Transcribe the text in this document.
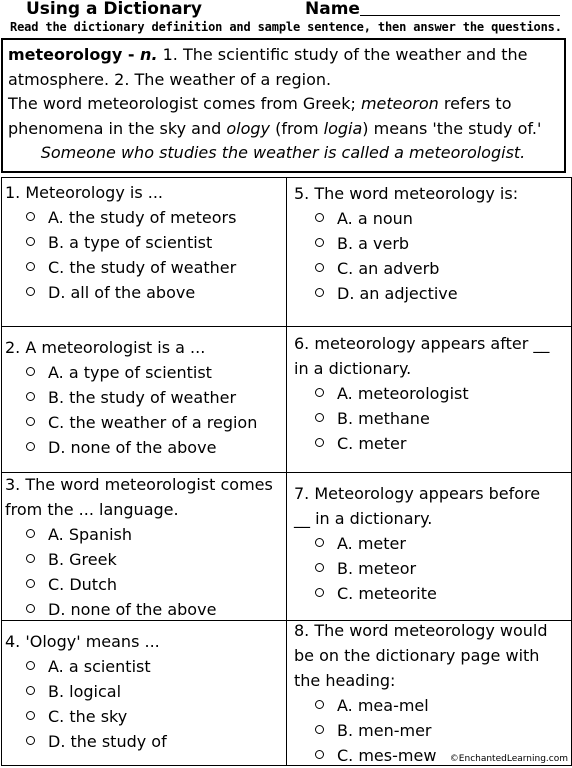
Using a Dictionary	Name
Read the dictionary definition and sample sentence, then answer the questions.

meteorology - n. 1. The scientific study of the weather and the

atmosphere. 2. The weather of a region.

The word meteorologist comes from Greek; meteoron refers to

phenomena in the sky and ology (from logia) means 'the study of.'

Someone who studies the weather is called a meteorologist.

1. Meteorology is ...
A. the study of meteors
B. a type of scientist
C. the study of weather
D. all of the above
2. A meteorologist is a ...
A. a type of scientist
B. the study of weather
C. the weather of a region
D. none of the above
3. The word meteorologist comes
from the ... language.
A. Spanish
B. Greek
C. Dutch
D. none of the above
4. 'Ology' means ...
A. a scientist
B. logical
C. the sky
D. the study of
5. The word meteorology is:
A. a noun
B. a verb
C. an adverb
D. an adjective
6. meteorology appears after __
in a dictionary.
A. meteorologist
B. methane
C. meter
7. Meteorology appears before
__ in a dictionary.
A. meter
B. meteor
C. meteorite
8. The word meteorology would
be on the dictionary page with
the heading:
A. mea-mel
B. men-mer
C. mes-mew	©EnchantedLearning.com
